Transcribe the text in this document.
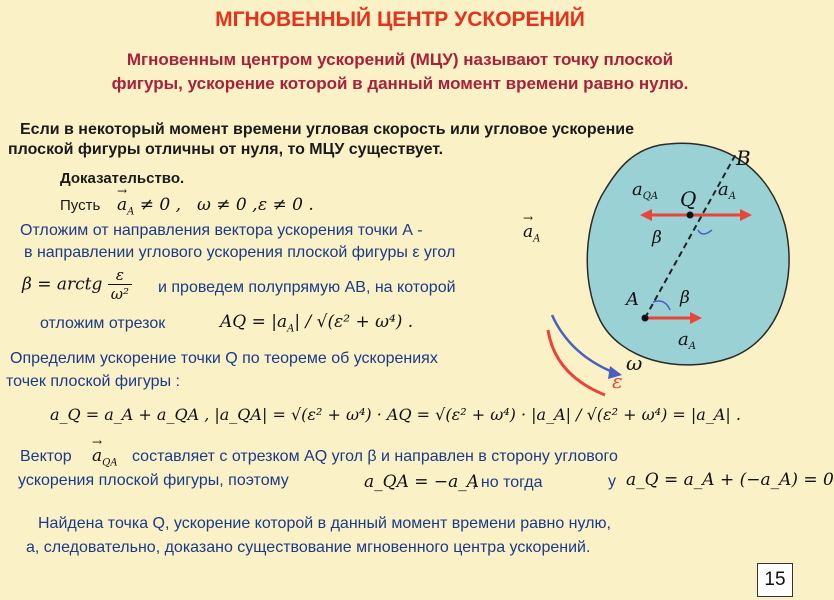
МГНОВЕННЫЙ ЦЕНТР УСКОРЕНИЙ
Мгновенным центром ускорений (МЦУ) называют точку плоской
фигуры, ускорение которой в данный момент времени равно нулю.
Если в некоторый момент времени угловая скорость или угловое ускорение
плоской фигуры отличны от нуля, то МЦУ существует.
Доказательство.
Пусть → $a_A \ne 0$ , ω ≠ 0 , ε ≠ 0 .
Отложим от направления вектора ускорения точки А -	→ $a_A$
в направлении углового ускорения плоской фигуры ε угол
β = arctg $\frac{\varepsilon}{\text{ω²}}$ и проведем полупрямую АВ, на которой
отложим отрезок	AQ = $|a_A| / √(\varepsilon^2 + \omega^4)$ .
Определим ускорение точки Q по теореме об ускорениях
точек плоской фигуры :
a_Q = a_A + a_QA , |a_QA| = √(ε² + ω⁴) · AQ = √(ε² + ω⁴) · |a_A| / √(ε² + ω⁴) = |a_A| .
Вектор → $a_{QA}$ составляет с отрезком AQ угол β и направлен в сторону углового
ускорения плоской фигуры, поэтому	a_QA = −a_A
, но тогда	у a_Q = a_A + (−a_A) = 0
Найдена точка Q, ускорение которой в данный момент времени равно нулю,
а, следовательно, доказано существование мгновенного центра ускорений.
B
Q
A
$a_{QA}$	$a_A$
β
β
$a_A$
ω
ε
15
